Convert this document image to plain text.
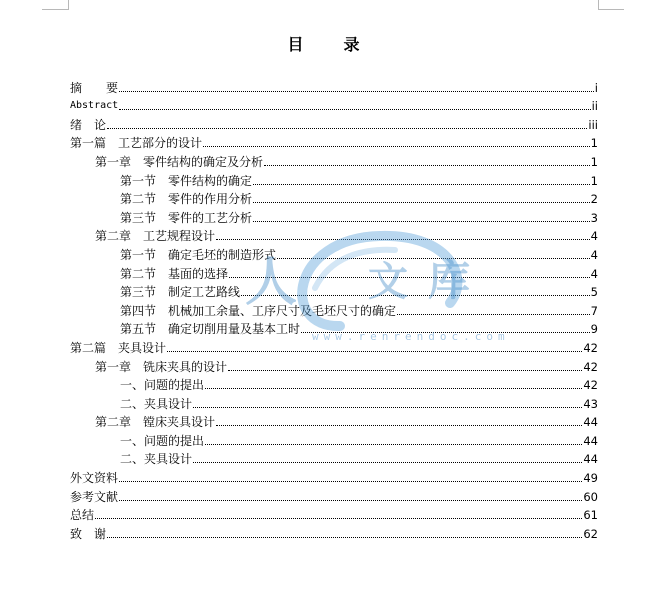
目　录
摘　　要	i
Abstract	ii
绪　论	iii
第一篇　工艺部分的设计	1
第一章　零件结构的确定及分析	1
第一节　零件结构的确定	1
第二节　零件的作用分析	2
第三节　零件的工艺分析	3
第二章　工艺规程设计	4
第一节　确定毛坯的制造形式	4
第二节　基面的选择	4
第三节　制定工艺路线	5
第四节　机械加工余量、工序尺寸及毛坯尺寸的确定	7
第五节　确定切削用量及基本工时	9
第二篇　夹具设计	42
第一章　铣床夹具的设计	42
一、问题的提出	42
二、夹具设计	43
第二章　镗床夹具设计	44
一、问题的提出	44
二、夹具设计	44
外文资料	49
参考文献	60
总结	61
致　谢	62
人 文 库
www.renrendoc.com
